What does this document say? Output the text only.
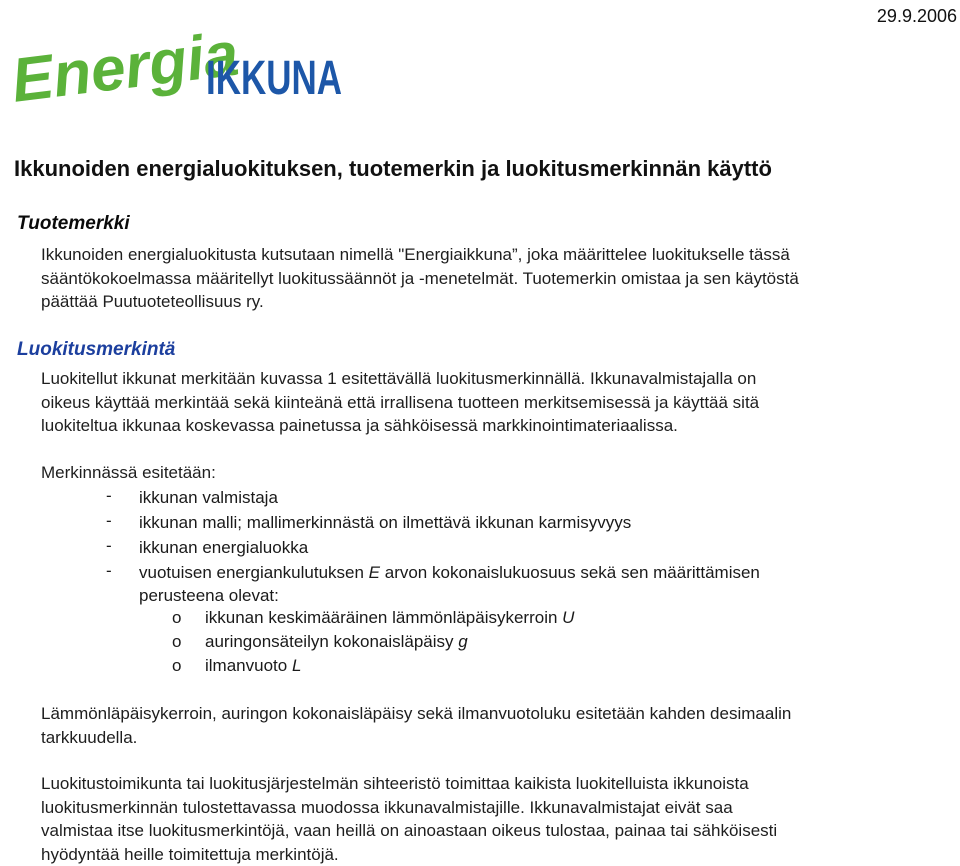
Energia
IKKUNA
29.9.2006
Ikkunoiden energialuokituksen, tuotemerkin ja luokitusmerkinnän käyttö
Tuotemerkki
Ikkunoiden energialuokitusta kutsutaan nimellä "Energiaikkuna”, joka määrittelee luokitukselle tässä
sääntökokoelmassa määritellyt luokitussäännöt ja -menetelmät. Tuotemerkin omistaa ja sen käytöstä
päättää Puutuoteteollisuus ry.
Luokitusmerkintä
Luokitellut ikkunat merkitään kuvassa 1 esitettävällä luokitusmerkinnällä. Ikkunavalmistajalla on
oikeus käyttää merkintää sekä kiinteänä että irrallisena tuotteen merkitsemisessä ja käyttää sitä
luokiteltua ikkunaa koskevassa painetussa ja sähköisessä markkinointimateriaalissa.
Merkinnässä esitetään:
- ikkunan valmistaja
- ikkunan malli; mallimerkinnästä on ilmettävä ikkunan karmisyvyys
- ikkunan energialuokka
- vuotuisen energiankulutuksen E arvon kokonaislukuosuus sekä sen määrittämisen
perusteena olevat:
o ikkunan keskimääräinen lämmönläpäisykerroin U
o auringonsäteilyn kokonaisläpäisy g
o ilmanvuoto L
Lämmönläpäisykerroin, auringon kokonaisläpäisy sekä ilmanvuotoluku esitetään kahden desimaalin
tarkkuudella.
Luokitustoimikunta tai luokitusjärjestelmän sihteeristö toimittaa kaikista luokitelluista ikkunoista
luokitusmerkinnän tulostettavassa muodossa ikkunavalmistajille. Ikkunavalmistajat eivät saa
valmistaa itse luokitusmerkintöjä, vaan heillä on ainoastaan oikeus tulostaa, painaa tai sähköisesti
hyödyntää heille toimitettuja merkintöjä.
